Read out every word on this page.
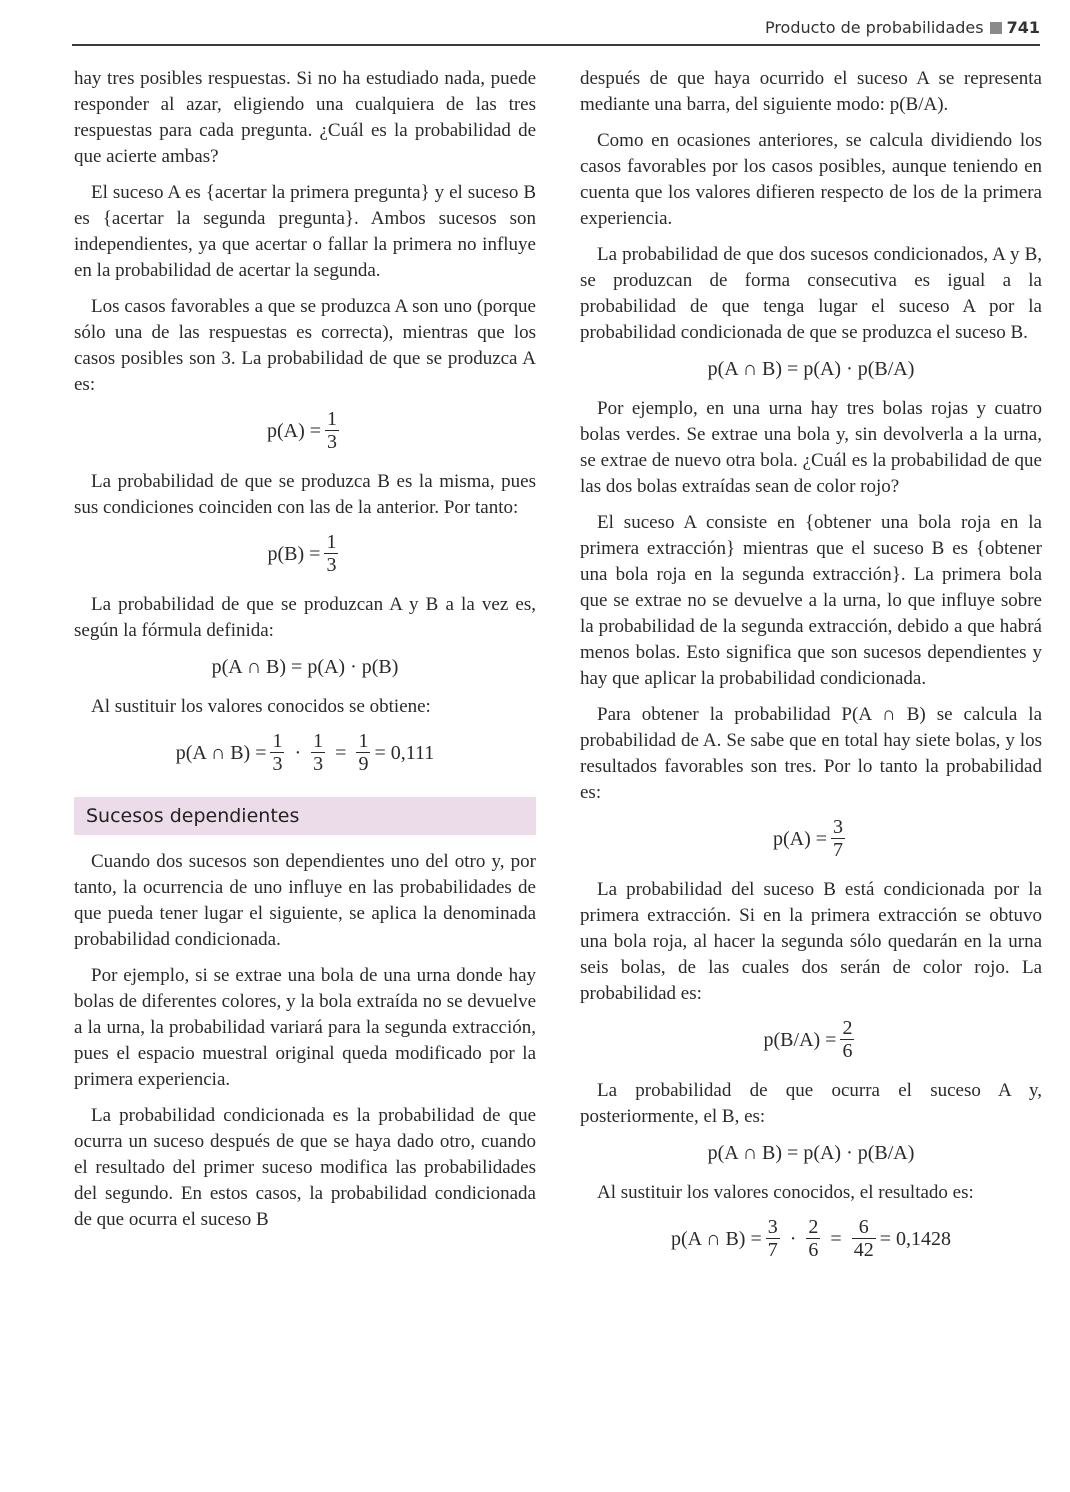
Producto de probabilidades 741

hay tres posibles respuestas. Si no ha estudiado nada, puede responder al azar, eligiendo una cualquiera de las tres respuestas para cada pregunta. ¿Cuál es la probabilidad de que acierte ambas?

El suceso A es {acertar la primera pregunta} y el suceso B es {acertar la segunda pregunta}. Ambos sucesos son independientes, ya que acertar o fallar la primera no influye en la probabilidad de acertar la segunda.

Los casos favorables a que se produzca A son uno (porque sólo una de las respuestas es correcta), mientras que los casos posibles son 3. La probabilidad de que se produzca A es:

$p(A) = \frac{1}{3}$

La probabilidad de que se produzca B es la misma, pues sus condiciones coinciden con las de la anterior. Por tanto:

$p(B) = \frac{1}{3}$

La probabilidad de que se produzcan A y B a la vez es, según la fórmula definida:

p(A ∩ B) = p(A) · p(B)

Al sustituir los valores conocidos se obtiene:

p(A ∩ $B) = \frac{1}{3} \cdot \frac{1}{3} = \frac{1}{9} = 0,111$
Sucesos dependientes

Cuando dos sucesos son dependientes uno del otro y, por tanto, la ocurrencia de uno influye en las probabilidades de que pueda tener lugar el siguiente, se aplica la denominada probabilidad condicionada.

Por ejemplo, si se extrae una bola de una urna donde hay bolas de diferentes colores, y la bola extraída no se devuelve a la urna, la probabilidad variará para la segunda extracción, pues el espacio muestral original queda modificado por la primera experiencia.

La probabilidad condicionada es la probabilidad de que ocurra un suceso después de que se haya dado otro, cuando el resultado del primer suceso modifica las probabilidades del segundo. En estos casos, la probabilidad condicionada de que ocurra el suceso B

después de que haya ocurrido el suceso A se representa mediante una barra, del siguiente modo: p(B/A).

Como en ocasiones anteriores, se calcula dividiendo los casos favorables por los casos posibles, aunque teniendo en cuenta que los valores difieren respecto de los de la primera experiencia.

La probabilidad de que dos sucesos condicionados, A y B, se produzcan de forma consecutiva es igual a la probabilidad de que tenga lugar el suceso A por la probabilidad condicionada de que se produzca el suceso B.

p(A ∩ B) = p(A) · p(B/A)

Por ejemplo, en una urna hay tres bolas rojas y cuatro bolas verdes. Se extrae una bola y, sin devolverla a la urna, se extrae de nuevo otra bola. ¿Cuál es la probabilidad de que las dos bolas extraídas sean de color rojo?

El suceso A consiste en {obtener una bola roja en la primera extracción} mientras que el suceso B es {obtener una bola roja en la segunda extracción}. La primera bola que se extrae no se devuelve a la urna, lo que influye sobre la probabilidad de la segunda extracción, debido a que habrá menos bolas. Esto significa que son sucesos dependientes y hay que aplicar la probabilidad condicionada.

Para obtener la probabilidad P(A ∩ B) se calcula la probabilidad de A. Se sabe que en total hay siete bolas, y los resultados favorables son tres. Por lo tanto la probabilidad es:

$p(A) = \frac{3}{7}$

La probabilidad del suceso B está condicionada por la primera extracción. Si en la primera extracción se obtuvo una bola roja, al hacer la segunda sólo quedarán en la urna seis bolas, de las cuales dos serán de color rojo. La probabilidad es:

$p(B/A) = \frac{2}{6}$

La probabilidad de que ocurra el suceso A y, posteriormente, el B, es:

p(A ∩ B) = p(A) · p(B/A)

Al sustituir los valores conocidos, el resultado es:

p(A ∩ $B) = \frac{3}{7} \cdot \frac{2}{6} = \frac{6}{42} = 0,1428$
